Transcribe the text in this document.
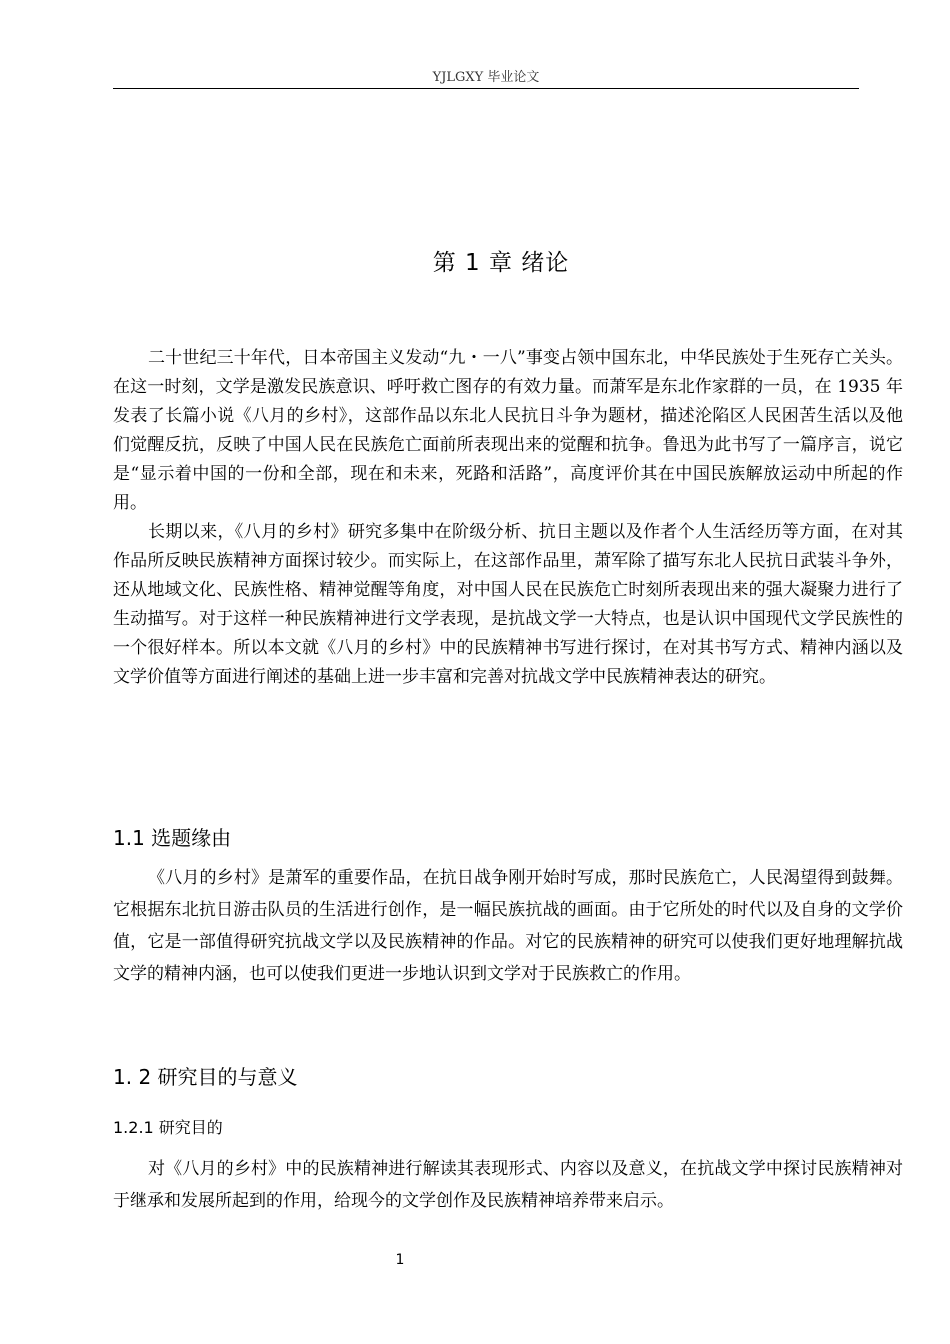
YJLGXY 毕业论文
第 1 章 绪论

二十世纪三十年代，日本帝国主义发动“九・一八”事变占领中国东北，中华民族处于生死存亡关头。在这一时刻，文学是激发民族意识、呼吁救亡图存的有效力量。而萧军是东北作家群的一员，在 1935 年发表了长篇小说《八月的乡村》，这部作品以东北人民抗日斗争为题材，描述沦陷区人民困苦生活以及他们觉醒反抗，反映了中国人民在民族危亡面前所表现出来的觉醒和抗争。鲁迅为此书写了一篇序言，说它是“显示着中国的一份和全部，现在和未来，死路和活路”，高度评价其在中国民族解放运动中所起的作用。

长期以来，《八月的乡村》研究多集中在阶级分析、抗日主题以及作者个人生活经历等方面，在对其作品所反映民族精神方面探讨较少。而实际上，在这部作品里，萧军除了描写东北人民抗日武装斗争外，还从地域文化、民族性格、精神觉醒等角度，对中国人民在民族危亡时刻所表现出来的强大凝聚力进行了生动描写。对于这样一种民族精神进行文学表现，是抗战文学一大特点，也是认识中国现代文学民族性的一个很好样本。所以本文就《八月的乡村》中的民族精神书写进行探讨，在对其书写方式、精神内涵以及文学价值等方面进行阐述的基础上进一步丰富和完善对抗战文学中民族精神表达的研究。

1.1 选题缘由

《八月的乡村》是萧军的重要作品，在抗日战争刚开始时写成，那时民族危亡，人民渴望得到鼓舞。它根据东北抗日游击队员的生活进行创作，是一幅民族抗战的画面。由于它所处的时代以及自身的文学价值，它是一部值得研究抗战文学以及民族精神的作品。对它的民族精神的研究可以使我们更好地理解抗战文学的精神内涵，也可以使我们更进一步地认识到文学对于民族救亡的作用。

1. 2 研究目的与意义
1.2.1 研究目的

对《八月的乡村》中的民族精神进行解读其表现形式、内容以及意义，在抗战文学中探讨民族精神对于继承和发展所起到的作用，给现今的文学创作及民族精神培养带来启示。

1
